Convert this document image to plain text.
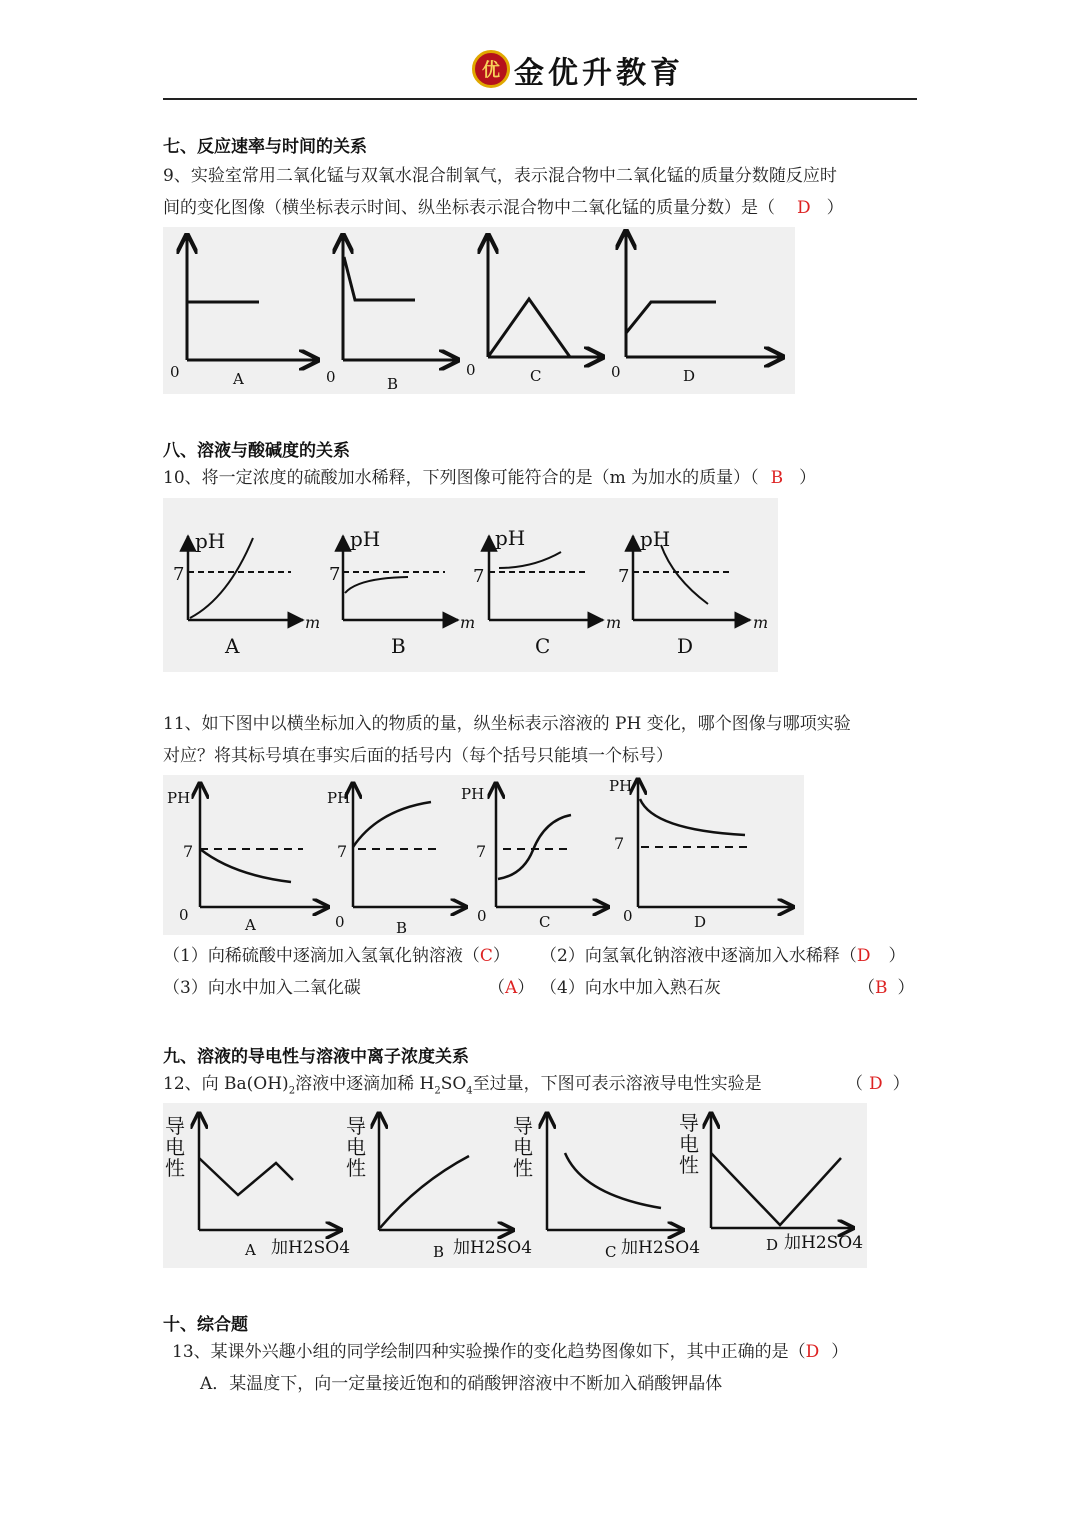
优 金优升教育
七、反应速率与时间的关系
9、实验室常用二氧化锰与双氧水混合制氧气，表示混合物中二氧化锰的质量分数随反应时
间的变化图像（横坐标表示时间、纵坐标表示混合物中二氧化锰的质量分数）是（ D ）
0	A	0	B
0	C	0	D
八、溶液与酸碱度的关系
10、将一定浓度的硫酸加水稀释，下列图像可能符合的是（m 为加水的质量）（ B ）
pH
7
m
A
pH
7
m
B
pH
7
m
C
pH
7
m
D
11、如下图中以横坐标加入的物质的量，纵坐标表示溶液的 PH 变化，哪个图像与哪项实验
对应？将其标号填在事实后面的括号内（每个括号只能填一个标号）
PH
7
0
A
PH
7
0	B
PH
7
0	C
PH
7
0	D
（1）向稀硫酸中逐滴加入氢氧化钠溶液（C） （2）向氢氧化钠溶液中逐滴加入水稀释（D ）
（3）向水中加入二氧化碳	（A） （4）向水中加入熟石灰	（B ）
九、溶液的导电性与溶液中离子浓度关系
12、向 $Ba(OH)_2$溶液中逐滴加稀 $H_2SO_4$至过量，下图可表示溶液导电性实验是	（ D ）
导
电
性
A 加H2SO4
导
电
性
B 加H2SO4
导
电
性
C 加H2SO4
导
电
性
D 加H2SO4
十、综合题
13、某课外兴趣小组的同学绘制四种实验操作的变化趋势图像如下，其中正确的是（D ）
A．某温度下，向一定量接近饱和的硝酸钾溶液中不断加入硝酸钾晶体
